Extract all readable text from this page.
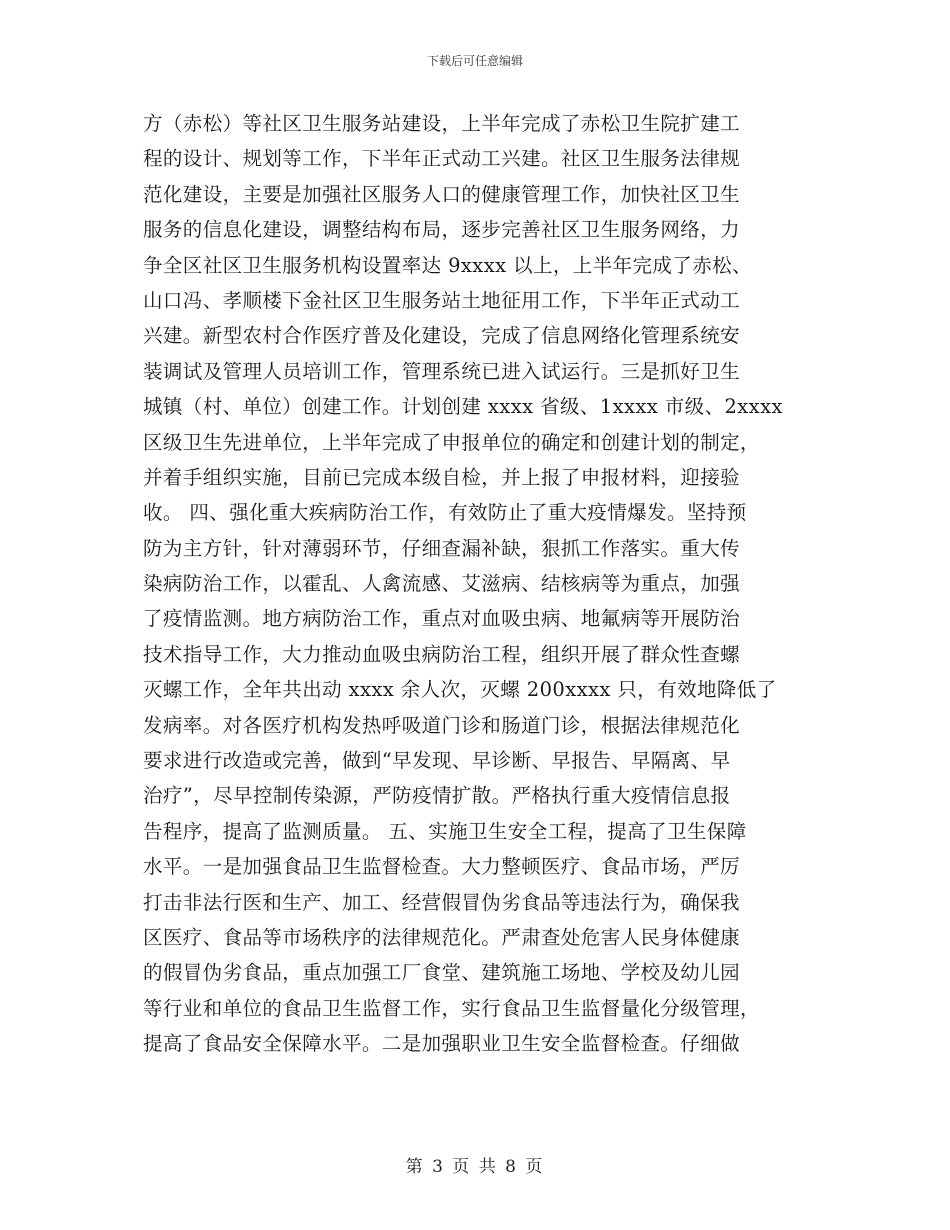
下载后可任意编辑
方（赤松）等社区卫生服务站建设，上半年完成了赤松卫生院扩建工
程的设计、规划等工作，下半年正式动工兴建。社区卫生服务法律规
范化建设，主要是加强社区服务人口的健康管理工作，加快社区卫生
服务的信息化建设，调整结构布局，逐步完善社区卫生服务网络，力
争全区社区卫生服务机构设置率达 9xxxx 以上，上半年完成了赤松、
山口冯、孝顺楼下金社区卫生服务站土地征用工作，下半年正式动工
兴建。新型农村合作医疗普及化建设，完成了信息网络化管理系统安
装调试及管理人员培训工作，管理系统已进入试运行。三是抓好卫生
城镇（村、单位）创建工作。计划创建 xxxx 省级、1xxxx 市级、2xxxx
区级卫生先进单位，上半年完成了申报单位的确定和创建计划的制定，
并着手组织实施，目前已完成本级自检，并上报了申报材料，迎接验
收。 四、强化重大疾病防治工作，有效防止了重大疫情爆发。坚持预
防为主方针，针对薄弱环节，仔细查漏补缺，狠抓工作落实。重大传
染病防治工作，以霍乱、人禽流感、艾滋病、结核病等为重点，加强
了疫情监测。地方病防治工作，重点对血吸虫病、地氟病等开展防治
技术指导工作，大力推动血吸虫病防治工程，组织开展了群众性查螺
灭螺工作，全年共出动 xxxx 余人次，灭螺 200xxxx 只，有效地降低了
发病率。对各医疗机构发热呼吸道门诊和肠道门诊，根据法律规范化
要求进行改造或完善，做到“早发现、早诊断、早报告、早隔离、早
治疗”，尽早控制传染源，严防疫情扩散。严格执行重大疫情信息报
告程序，提高了监测质量。 五、实施卫生安全工程，提高了卫生保障
水平。一是加强食品卫生监督检查。大力整顿医疗、食品市场，严厉
打击非法行医和生产、加工、经营假冒伪劣食品等违法行为，确保我
区医疗、食品等市场秩序的法律规范化。严肃查处危害人民身体健康
的假冒伪劣食品，重点加强工厂食堂、建筑施工场地、学校及幼儿园
等行业和单位的食品卫生监督工作，实行食品卫生监督量化分级管理，
提高了食品安全保障水平。二是加强职业卫生安全监督检查。仔细做
第 3 页 共 8 页
